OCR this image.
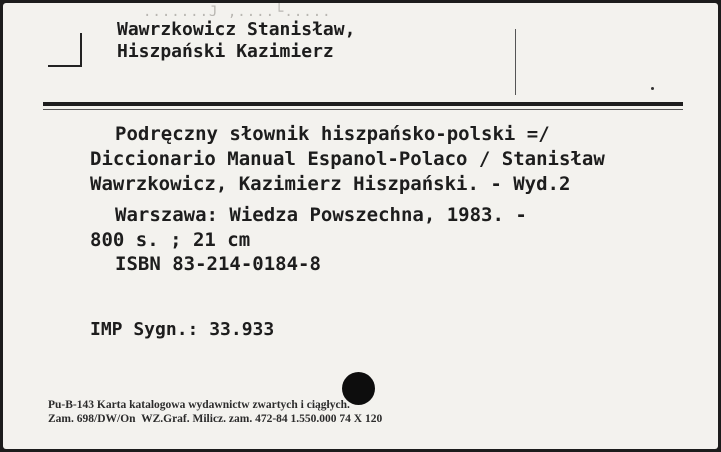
.......J ,....└.....
Wawrzkowicz Stanisław,
Hiszpański Kazimierz
Podręczny słownik hiszpańsko-polski =/
Diccionario Manual Espanol-Polaco / Stanisław
Wawrzkowicz, Kazimierz Hiszpański. - Wyd.2
Warszawa: Wiedza Powszechna, 1983. -
800 s. ; 21 cm
ISBN 83-214-0184-8
IMP Sygn.: 33.933
Pu-B-143 Karta katalogowa wydawnictw zwartych i ciągłych.
Zam. 698/DW/On  WZ.Graf. Milicz. zam. 472-84 1.550.000 74 X 120
